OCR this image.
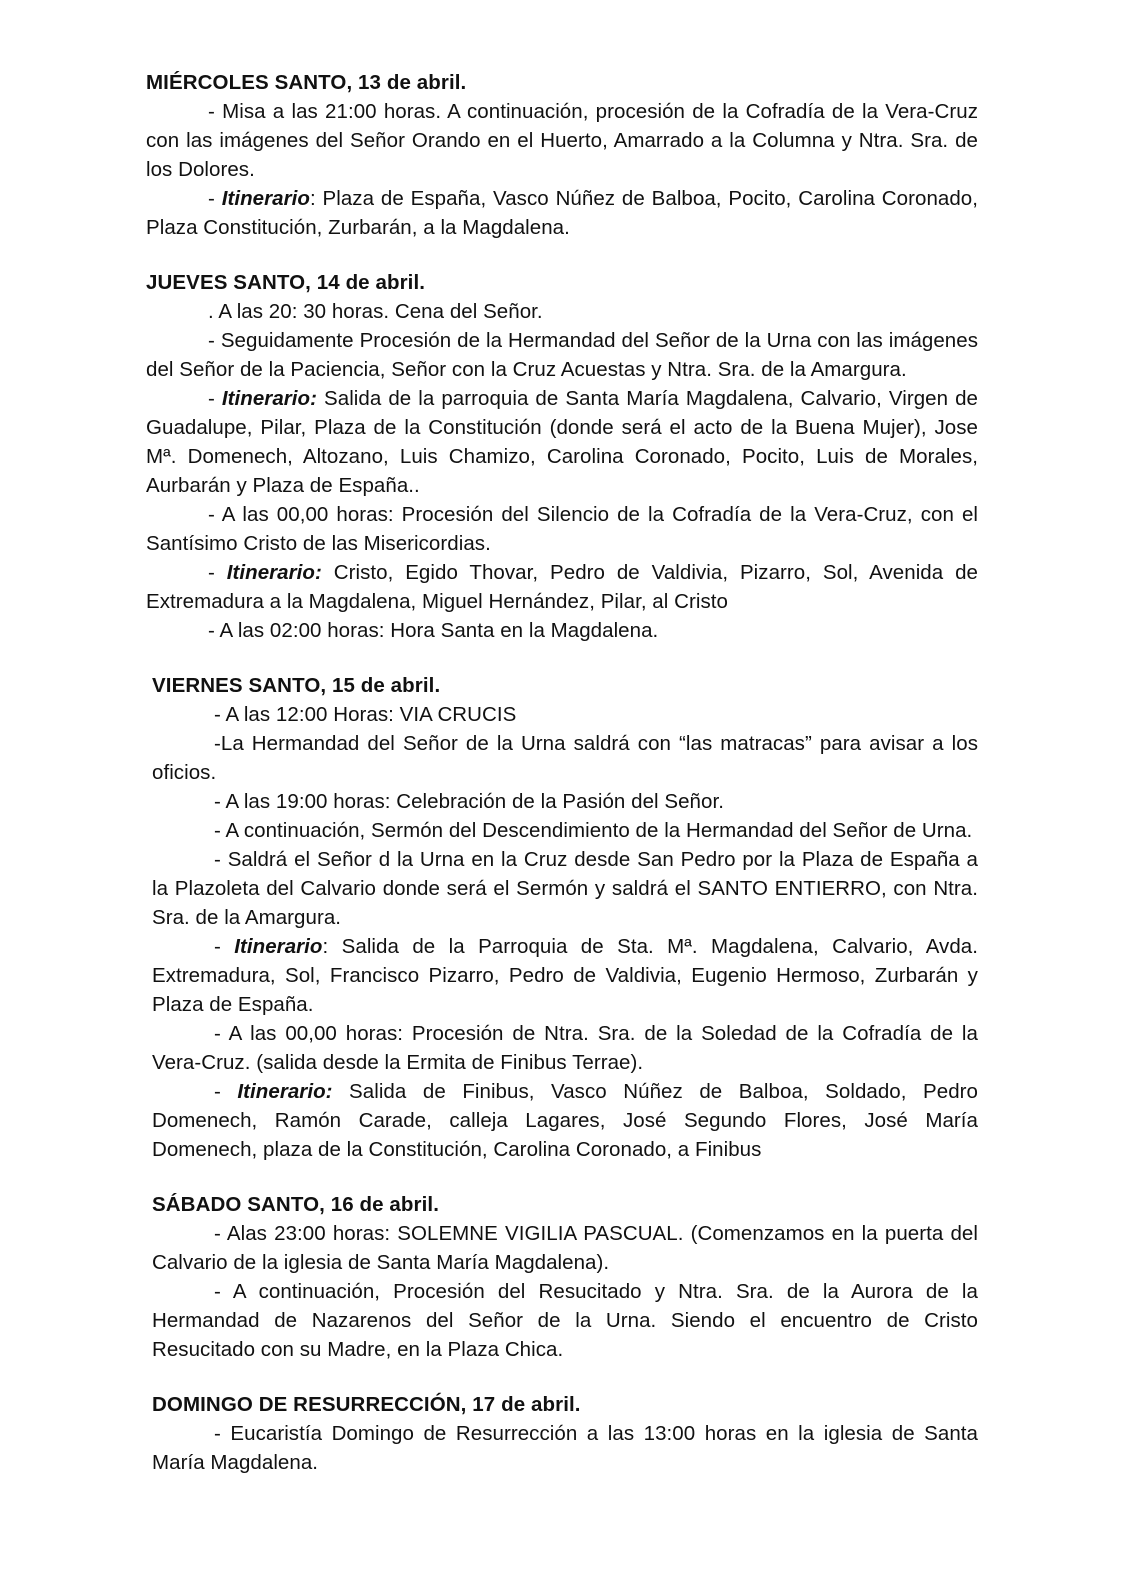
MIÉRCOLES SANTO, 13 de abril.

- Misa a las 21:00 horas. A continuación, procesión de la Cofradía de la Vera-Cruz con las imágenes del Señor Orando en el Huerto, Amarrado a la Columna y Ntra. Sra. de los Dolores.

- Itinerario: Plaza de España, Vasco Núñez de Balboa, Pocito, Carolina Coronado, Plaza Constitución, Zurbarán, a la Magdalena.

JUEVES SANTO, 14 de abril.

. A las 20: 30 horas. Cena del Señor.

- Seguidamente Procesión de la Hermandad del Señor de la Urna con las imágenes del Señor de la Paciencia, Señor con la Cruz Acuestas y Ntra. Sra. de la Amargura.

- Itinerario: Salida de la parroquia de Santa María Magdalena, Calvario, Virgen de Guadalupe, Pilar, Plaza de la Constitución (donde será el acto de la Buena Mujer), Jose Mª. Domenech, Altozano, Luis Chamizo, Carolina Coronado, Pocito, Luis de Morales, Aurbarán y Plaza de España..

- A las 00,00 horas: Procesión del Silencio de la Cofradía de la Vera-Cruz, con el Santísimo Cristo de las Misericordias.

- Itinerario: Cristo, Egido Thovar, Pedro de Valdivia, Pizarro, Sol, Avenida de Extremadura a la Magdalena, Miguel Hernández, Pilar, al Cristo

- A las 02:00 horas: Hora Santa en la Magdalena.

VIERNES SANTO, 15 de abril.

- A las 12:00 Horas: VIA CRUCIS

-La Hermandad del Señor de la Urna saldrá con “las matracas” para avisar a los oficios.

- A las 19:00 horas: Celebración de la Pasión del Señor.

- A continuación, Sermón del Descendimiento de la Hermandad del Señor de Urna.

- Saldrá el Señor d la Urna en la Cruz desde San Pedro por la Plaza de España a la Plazoleta del Calvario donde será el Sermón y saldrá el SANTO ENTIERRO, con Ntra. Sra. de la Amargura.

- Itinerario: Salida de la Parroquia de Sta. Mª. Magdalena, Calvario, Avda. Extremadura, Sol, Francisco Pizarro, Pedro de Valdivia, Eugenio Hermoso, Zurbarán y Plaza de España.

- A las 00,00 horas: Procesión de Ntra. Sra. de la Soledad de la Cofradía de la Vera-Cruz. (salida desde la Ermita de Finibus Terrae).

- Itinerario: Salida de Finibus, Vasco Núñez de Balboa, Soldado, Pedro Domenech, Ramón Carade, calleja Lagares, José Segundo Flores, José María Domenech, plaza de la Constitución, Carolina Coronado, a Finibus

SÁBADO SANTO, 16 de abril.

- Alas 23:00 horas: SOLEMNE VIGILIA PASCUAL. (Comenzamos en la puerta del Calvario de la iglesia de Santa María Magdalena).

- A continuación, Procesión del Resucitado y Ntra. Sra. de la Aurora de la Hermandad de Nazarenos del Señor de la Urna. Siendo el encuentro de Cristo Resucitado con su Madre, en la Plaza Chica.

DOMINGO DE RESURRECCIÓN, 17 de abril.

- Eucaristía Domingo de Resurrección a las 13:00 horas en la iglesia de Santa María Magdalena.
